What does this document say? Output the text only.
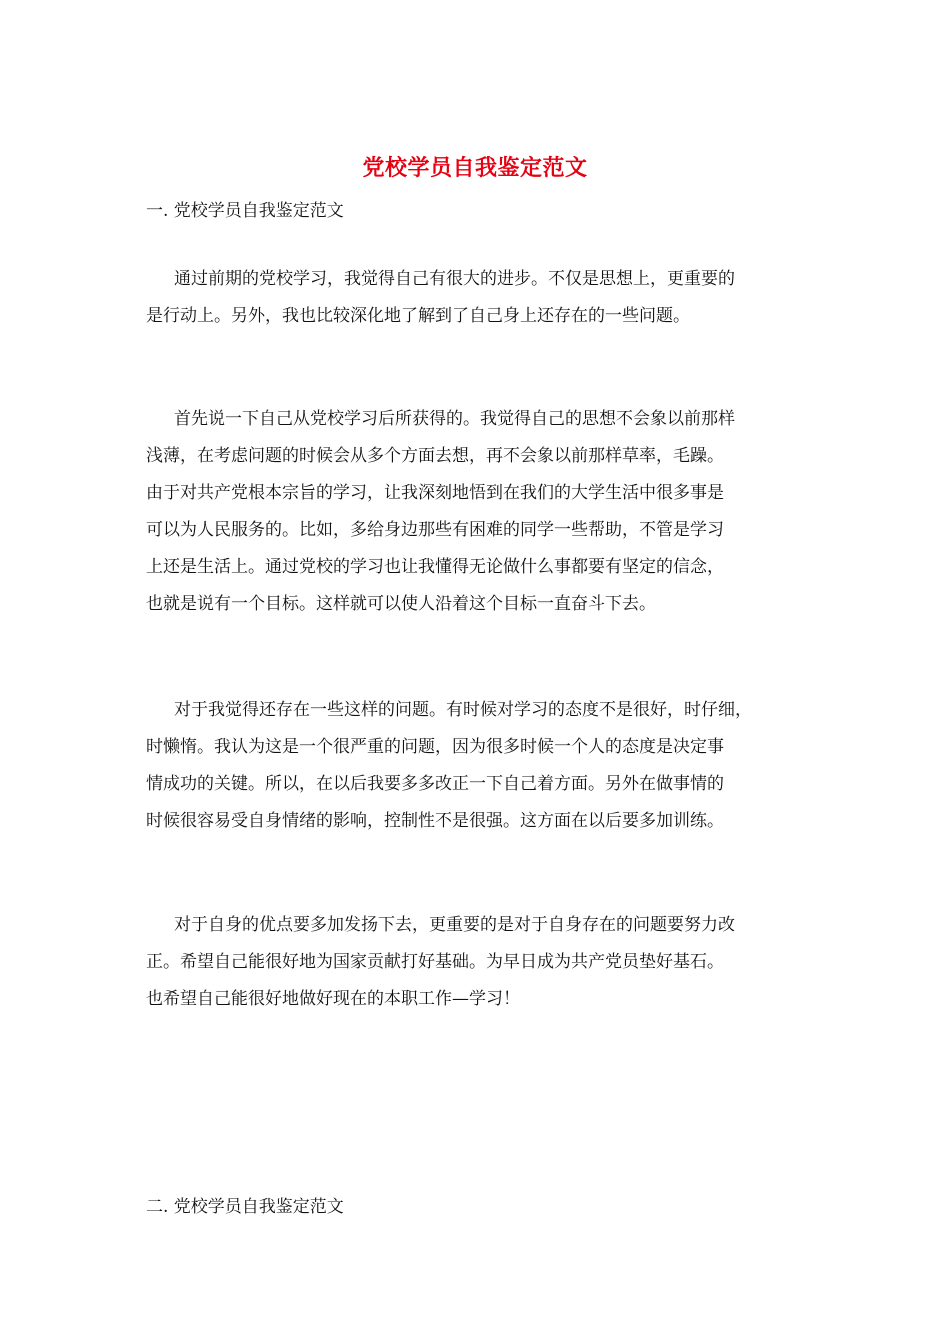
党校学员自我鉴定范文
一. 党校学员自我鉴定范文
通过前期的党校学习，我觉得自己有很大的进步。不仅是思想上，更重要的
是行动上。另外，我也比较深化地了解到了自己身上还存在的一些问题。
首先说一下自己从党校学习后所获得的。我觉得自己的思想不会象以前那样
浅薄，在考虑问题的时候会从多个方面去想，再不会象以前那样草率，毛躁。
由于对共产党根本宗旨的学习，让我深刻地悟到在我们的大学生活中很多事是
可以为人民服务的。比如，多给身边那些有困难的同学一些帮助，不管是学习
上还是生活上。通过党校的学习也让我懂得无论做什么事都要有坚定的信念，
也就是说有一个目标。这样就可以使人沿着这个目标一直奋斗下去。
对于我觉得还存在一些这样的问题。有时候对学习的态度不是很好，时仔细，
时懒惰。我认为这是一个很严重的问题，因为很多时候一个人的态度是决定事
情成功的关键。所以，在以后我要多多改正一下自己着方面。另外在做事情的
时候很容易受自身情绪的影响，控制性不是很强。这方面在以后要多加训练。
对于自身的优点要多加发扬下去，更重要的是对于自身存在的问题要努力改
正。希望自己能很好地为国家贡献打好基础。为早日成为共产党员垫好基石。
也希望自己能很好地做好现在的本职工作—学习！
二. 党校学员自我鉴定范文
